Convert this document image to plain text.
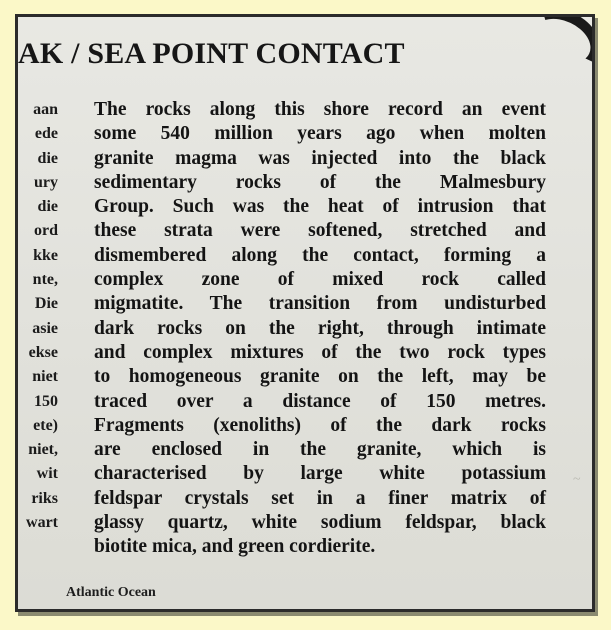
AK / SEA POINT CONTACT
aan
ede
die
ury
die
ord
kke
nte,
Die
asie
ekse
niet
150
ete)
niet,
wit
riks
wart
The rocks along this shore record an event
some 540 million years ago when molten
granite magma was injected into the black
sedimentary rocks of the Malmesbury
Group. Such was the heat of intrusion that
these strata were softened, stretched and
dismembered along the contact, forming a
complex zone of mixed rock called
migmatite. The transition from undisturbed
dark rocks on the right, through intimate
and complex mixtures of the two rock types
to homogeneous granite on the left, may be
traced over a distance of 150 metres.
Fragments (xenoliths) of the dark rocks
are enclosed in the granite, which is
characterised by large white potassium
feldspar crystals set in a finer matrix of
glassy quartz, white sodium feldspar, black
biotite mica, and green cordierite.
Atlantic Ocean
~
